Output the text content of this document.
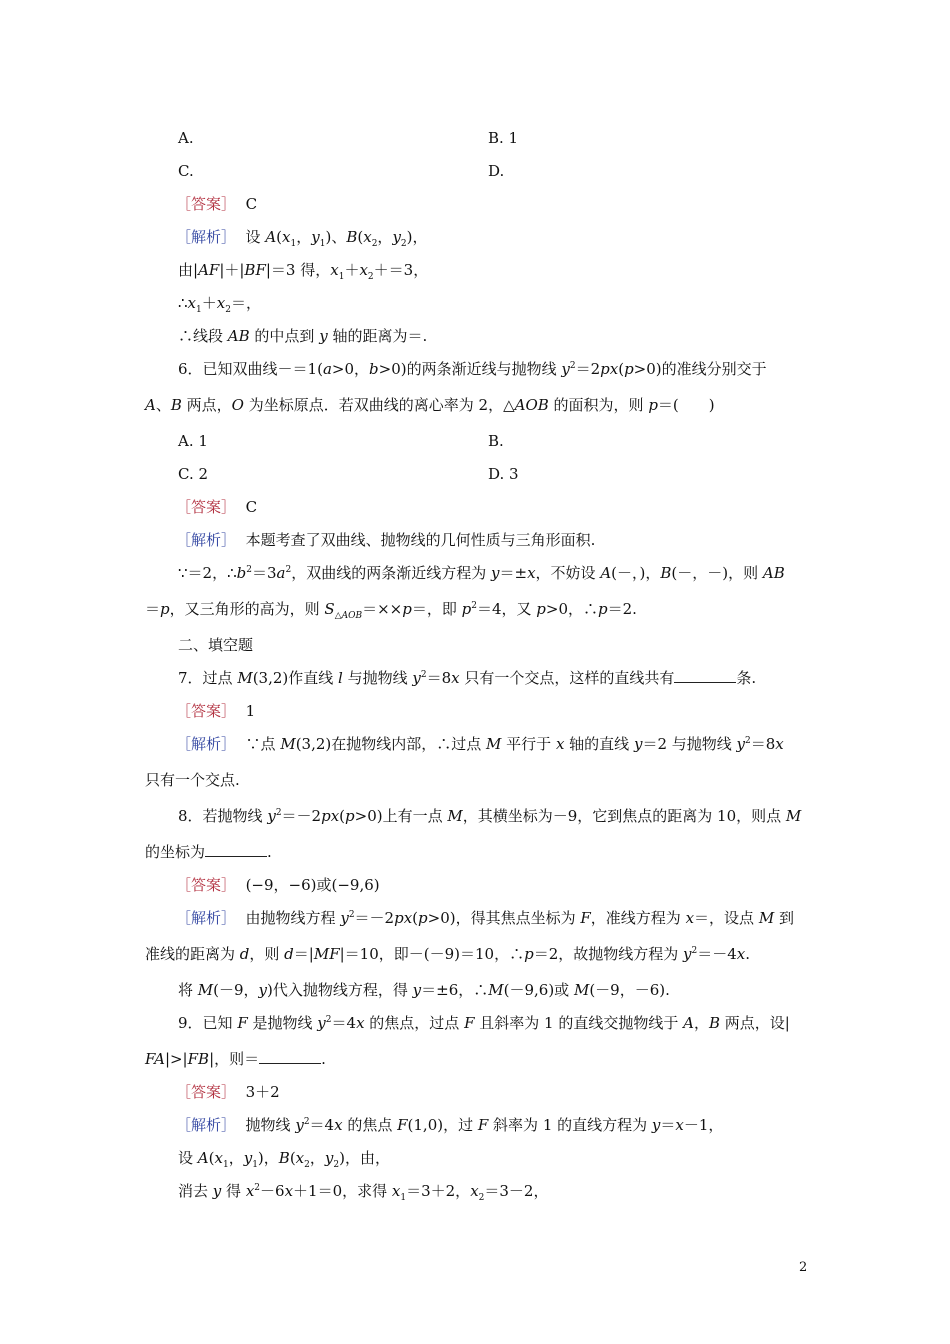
A.	B. 1
C.	D.
［答案］ C
［解析］  设 $A(x_1$，$y_1$)、$B(x_2$，$y_2$)，
由|AF|＋|BF|＝3 得，$x_1+x_2+=3$，
$\therefore x_1+x_2=$，
∴线段 AB 的中点到 y 轴的距离为＝.
6．已知双曲线－＝1(a>0，b>0)的两条渐近线与抛物线 $y^2=2px(p>0)$的准线分别交于
A、B 两点，O 为坐标原点．若双曲线的离心率为 2，△AOB 的面积为，则 p＝(　　)
A. 1	B.
C. 2	D. 3
［答案］ C
［解析］ 本题考查了双曲线、抛物线的几何性质与三角形面积.
∵＝2，$\therefore b^2=3a^2$，双曲线的两条渐近线方程为 y＝±x，不妨设 A(－，)，B(－，－)，则 AB
＝p，又三角形的高为，则 $S_{\triangle AOB}=\times\times p=$，即 $p^2=4$，又 p>0，∴p＝2.
二、填空题
7．过点 M(3,2)作直线 l 与抛物线 $y^2=8x$ 只有一个交点，这样的直线共有	条.
［答案］ 1
［解析］  ∵点 M(3,2)在抛物线内部，∴过点 M 平行于 x 轴的直线 y＝2 与抛物线 $y^2=8x$
只有一个交点.
8．若抛物线 $y^2=-2px(p>0)$上有一点 M，其横坐标为－9，它到焦点的距离为 10，则点 M
的坐标为	.
［答案］ (−9，−6)或(−9,6)
［解析］  由抛物线方程 $y^2=-2px(p>0)$，得其焦点坐标为 F，准线方程为 x＝，设点 M 到
准线的距离为 d，则 d＝|MF|＝10，即－(－9)＝10，∴p＝2，故抛物线方程为 $y^2=-4x$.
将 M(－9，y)代入抛物线方程，得 y＝±6，∴M(－9,6)或 M(－9，－6).
9．已知 F 是抛物线 $y^2=4x$ 的焦点，过点 F 且斜率为 1 的直线交抛物线于 A，B 两点，设|
FA|>|FB|，则＝	.
［答案］ 3＋2
［解析］  抛物线 $y^2=4x$ 的焦点 F(1,0)，过 F 斜率为 1 的直线方程为 y＝x－1，
设 $A(x_1$，$y_1$)，$B(x_2$，$y_2$)，由，
消去 y 得 $x^2-6x+1=0$，求得 $x_1=3+2$，$x_2=3-2$，
2
